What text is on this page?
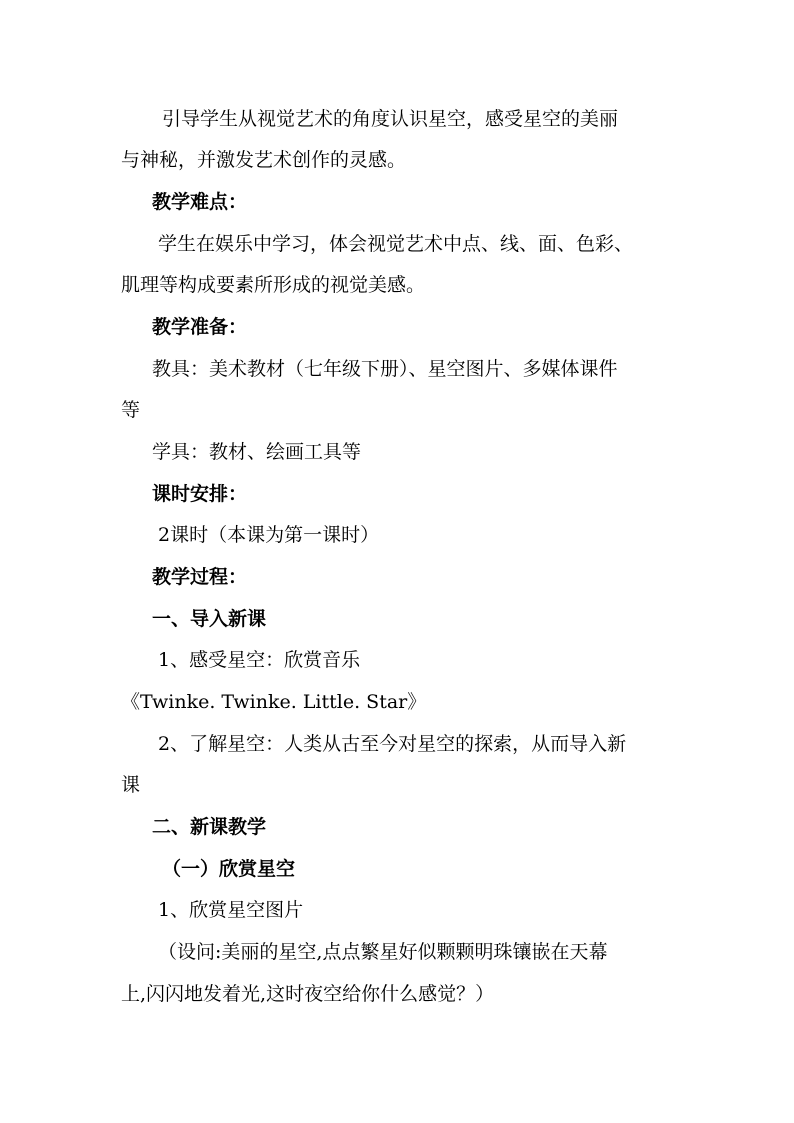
引导学生从视觉艺术的角度认识星空，感受星空的美丽

与神秘，并激发艺术创作的灵感。

教学难点：

学生在娱乐中学习，体会视觉艺术中点、线、面、色彩、

肌理等构成要素所形成的视觉美感。

教学准备：

教具：美术教材（七年级下册）、星空图片、多媒体课件

等

学具：教材、绘画工具等

课时安排：

2课时（本课为第一课时）

教学过程：

一、导入新课

1、感受星空：欣赏音乐

《Twinke. Twinke. Little. Star》

2、了解星空：人类从古至今对星空的探索，从而导入新

课

二、新课教学

（一）欣赏星空

1、欣赏星空图片

（设问:美丽的星空,点点繁星好似颗颗明珠镶嵌在天幕

上,闪闪地发着光,这时夜空给你什么感觉？）
